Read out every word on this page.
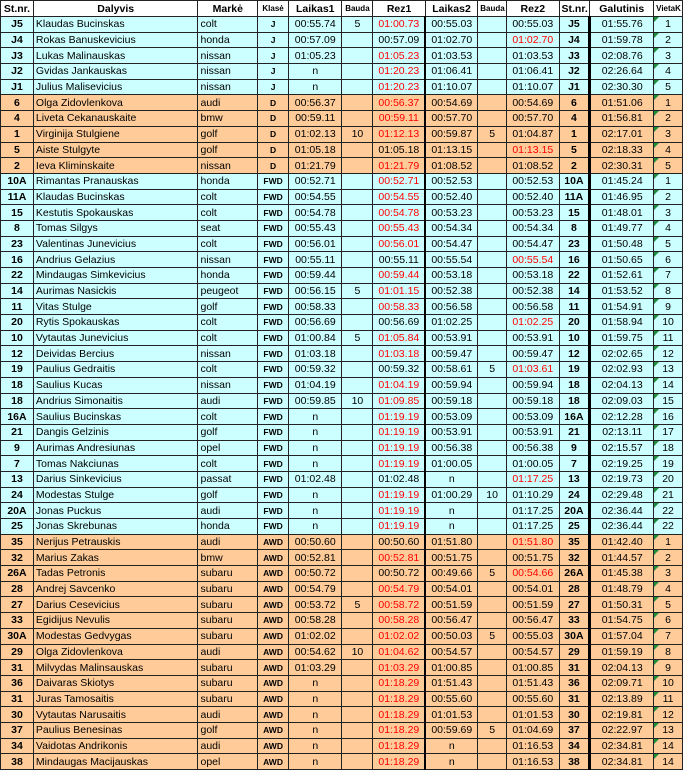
St.nr.	Dalyvis	Markė	Klasė	Laikas1	Bauda	Rez1	Laikas2	Bauda	Rez2	St.nr.	Galutinis	VietaK
J5	Klaudas Bucinskas	colt	J	00:55.74	5	01:00.73	00:55.03		00:55.03	J5	01:55.76	1
J4	Rokas Banuskevicius	honda	J	00:57.09		00:57.09	01:02.70		01:02.70	J4	01:59.78	2
J3	Lukas Malinauskas	nissan	J	01:05.23		01:05.23	01:03.53		01:03.53	J3	02:08.76	3
J2	Gvidas Jankauskas	nissan	J	n		01:20.23	01:06.41		01:06.41	J2	02:26.64	4
J1	Julius Malisevicius	nissan	J	n		01:20.23	01:10.07		01:10.07	J1	02:30.30	5
6	Olga Zidovlenkova	audi	D	00:56.37		00:56.37	00:54.69		00:54.69	6	01:51.06	1
4	Liveta Cekanauskaite	bmw	D	00:59.11		00:59.11	00:57.70		00:57.70	4	01:56.81	2
1	Virginija Stulgiene	golf	D	01:02.13	10	01:12.13	00:59.87	5	01:04.87	1	02:17.01	3
5	Aiste Stulgyte	golf	D	01:05.18		01:05.18	01:13.15		01:13.15	5	02:18.33	4
2	Ieva Kliminskaite	nissan	D	01:21.79		01:21.79	01:08.52		01:08.52	2	02:30.31	5
10A	Rimantas Pranauskas	honda	FWD	00:52.71		00:52.71	00:52.53		00:52.53	10A	01:45.24	1
11A	Klaudas Bucinskas	colt	FWD	00:54.55		00:54.55	00:52.40		00:52.40	11A	01:46.95	2
15	Kestutis Spokauskas	colt	FWD	00:54.78		00:54.78	00:53.23		00:53.23	15	01:48.01	3
8	Tomas Silgys	seat	FWD	00:55.43		00:55.43	00:54.34		00:54.34	8	01:49.77	4
23	Valentinas Junevicius	colt	FWD	00:56.01		00:56.01	00:54.47		00:54.47	23	01:50.48	5
16	Andrius Gelazius	nissan	FWD	00:55.11		00:55.11	00:55.54		00:55.54	16	01:50.65	6
22	Mindaugas Simkevicius	honda	FWD	00:59.44		00:59.44	00:53.18		00:53.18	22	01:52.61	7
14	Aurimas Nasickis	peugeot	FWD	00:56.15	5	01:01.15	00:52.38		00:52.38	14	01:53.52	8
11	Vitas Stulge	golf	FWD	00:58.33		00:58.33	00:56.58		00:56.58	11	01:54.91	9
20	Rytis Spokauskas	colt	FWD	00:56.69		00:56.69	01:02.25		01:02.25	20	01:58.94	10
10	Vytautas Junevicius	colt	FWD	01:00.84	5	01:05.84	00:53.91		00:53.91	10	01:59.75	11
12	Deividas Bercius	nissan	FWD	01:03.18		01:03.18	00:59.47		00:59.47	12	02:02.65	12
19	Paulius Gedraitis	colt	FWD	00:59.32		00:59.32	00:58.61	5	01:03.61	19	02:02.93	13
18	Saulius Kucas	nissan	FWD	01:04.19		01:04.19	00:59.94		00:59.94	18	02:04.13	14
18	Andrius Simonaitis	audi	FWD	00:59.85	10	01:09.85	00:59.18		00:59.18	18	02:09.03	15
16A	Saulius Bucinskas	colt	FWD	n		01:19.19	00:53.09		00:53.09	16A	02:12.28	16
21	Dangis Gelzinis	golf	FWD	n		01:19.19	00:53.91		00:53.91	21	02:13.11	17
9	Aurimas Andresiunas	opel	FWD	n		01:19.19	00:56.38		00:56.38	9	02:15.57	18
7	Tomas Nakciunas	colt	FWD	n		01:19.19	01:00.05		01:00.05	7	02:19.25	19
13	Darius Sinkevicius	passat	FWD	01:02.48		01:02.48	n		01:17.25	13	02:19.73	20
24	Modestas Stulge	golf	FWD	n		01:19.19	01:00.29	10	01:10.29	24	02:29.48	21
20A	Jonas Puckus	audi	FWD	n		01:19.19	n		01:17.25	20A	02:36.44	22
25	Jonas Skrebunas	honda	FWD	n		01:19.19	n		01:17.25	25	02:36.44	22
35	Nerijus Petrauskis	audi	AWD	00:50.60		00:50.60	01:51.80		01:51.80	35	01:42.40	1
32	Marius Zakas	bmw	AWD	00:52.81		00:52.81	00:51.75		00:51.75	32	01:44.57	2
26A	Tadas Petronis	subaru	AWD	00:50.72		00:50.72	00:49.66	5	00:54.66	26A	01:45.38	3
28	Andrej Savcenko	subaru	AWD	00:54.79		00:54.79	00:54.01		00:54.01	28	01:48.79	4
27	Darius Cesevicius	subaru	AWD	00:53.72	5	00:58.72	00:51.59		00:51.59	27	01:50.31	5
33	Egidijus Nevulis	subaru	AWD	00:58.28		00:58.28	00:56.47		00:56.47	33	01:54.75	6
30A	Modestas Gedvygas	subaru	AWD	01:02.02		01:02.02	00:50.03	5	00:55.03	30A	01:57.04	7
29	Olga Zidovlenkova	audi	AWD	00:54.62	10	01:04.62	00:54.57		00:54.57	29	01:59.19	8
31	Milvydas Malinsauskas	subaru	AWD	01:03.29		01:03.29	01:00.85		01:00.85	31	02:04.13	9
36	Daivaras Skiotys	subaru	AWD	n		01:18.29	01:51.43		01:51.43	36	02:09.71	10
31	Juras Tamosaitis	subaru	AWD	n		01:18.29	00:55.60		00:55.60	31	02:13.89	11
30	Vytautas Narusaitis	audi	AWD	n		01:18.29	01:01.53		01:01.53	30	02:19.81	12
37	Paulius Benesinas	golf	AWD	n		01:18.29	00:59.69	5	01:04.69	37	02:22.97	13
34	Vaidotas Andrikonis	audi	AWD	n		01:18.29	n		01:16.53	34	02:34.81	14
38	Mindaugas Macijauskas	opel	AWD	n		01:18.29	n		01:16.53	38	02:34.81	14
